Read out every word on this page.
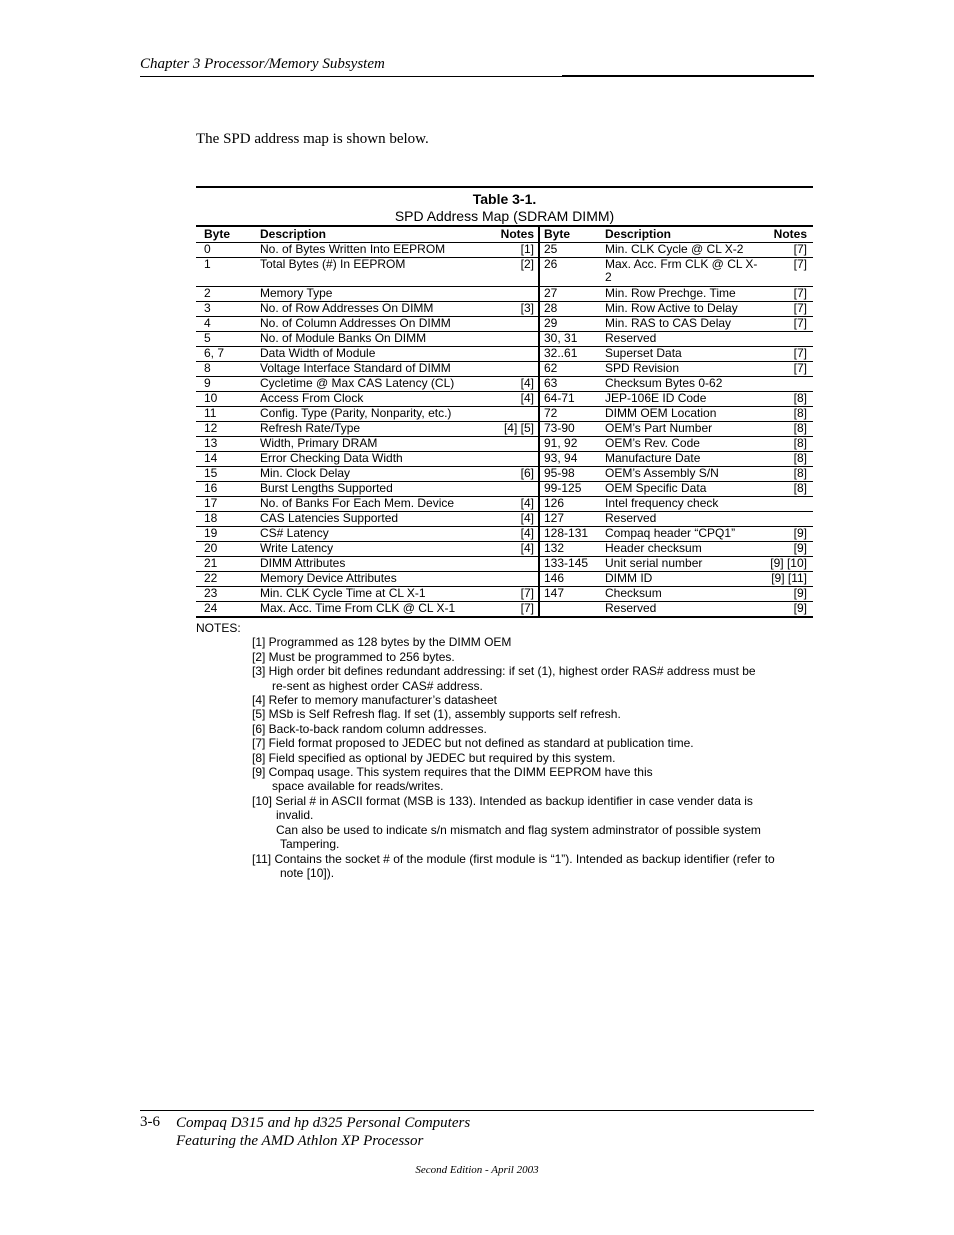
Chapter 3 Processor/Memory Subsystem
The SPD address map is shown below.
Table 3-1.
SPD Address Map (SDRAM DIMM)
Byte	Description	Notes	Byte	Description	Notes
0	No. of Bytes Written Into EEPROM	[1]	25	Min. CLK Cycle @ CL X-2	[7]
1	Total Bytes (#) In EEPROM	[2]	26	Max. Acc. Frm CLK @ CL X-2	[7]
2	Memory Type		27	Min. Row Prechge. Time	[7]
3	No. of Row Addresses On DIMM	[3]	28	Min. Row Active to Delay	[7]
4	No. of Column Addresses On DIMM		29	Min. RAS to CAS Delay	[7]
5	No. of Module Banks On DIMM		30, 31	Reserved	
6, 7	Data Width of Module		32..61	Superset Data	[7]
8	Voltage Interface Standard of DIMM		62	SPD Revision	[7]
9	Cycletime @ Max CAS Latency (CL)	[4]	63	Checksum Bytes 0-62	
10	Access From Clock	[4]	64-71	JEP-106E ID Code	[8]
11	Config. Type (Parity, Nonparity, etc.)		72	DIMM OEM Location	[8]
12	Refresh Rate/Type	[4] [5]	73-90	OEM’s Part Number	[8]
13	Width, Primary DRAM		91, 92	OEM’s Rev. Code	[8]
14	Error Checking Data Width		93, 94	Manufacture Date	[8]
15	Min. Clock Delay	[6]	95-98	OEM’s Assembly S/N	[8]
16	Burst Lengths Supported		99-125	OEM Specific Data	[8]
17	No. of Banks For Each Mem. Device	[4]	126	Intel frequency check	
18	CAS Latencies Supported	[4]	127	Reserved	
19	CS# Latency	[4]	128-131	Compaq header “CPQ1”	[9]
20	Write Latency	[4]	132	Header checksum	[9]
21	DIMM Attributes		133-145	Unit serial number	[9] [10]
22	Memory Device Attributes		146	DIMM ID	[9] [11]
23	Min. CLK Cycle Time at CL X-1	[7]	147	Checksum	[9]
24	Max. Acc. Time From CLK @ CL X-1	[7]		Reserved	[9]
NOTES:
[1] Programmed as 128 bytes by the DIMM OEM
[2] Must be programmed to 256 bytes.
[3] High order bit defines redundant addressing: if set (1), highest order RAS# address must be
re-sent as highest order CAS# address.
[4] Refer to memory manufacturer’s datasheet
[5] MSb is Self Refresh flag. If set (1), assembly supports self refresh.
[6] Back-to-back random column addresses.
[7] Field format proposed to JEDEC but not defined as standard at publication time.
[8] Field specified as optional by JEDEC but required by this system.
[9] Compaq usage. This system requires that the DIMM EEPROM have this
space available for reads/writes.
[10] Serial # in ASCII format (MSB is 133). Intended as backup identifier in case vender data is
invalid.
Can also be used to indicate s/n mismatch and flag system adminstrator of possible system
Tampering.
[11] Contains the socket # of the module (first module is “1”). Intended as backup identifier (refer to
note [10]).
3-6 Compaq D315 and hp d325 Personal Computers
Featuring the AMD Athlon XP Processor
Second Edition - April 2003
